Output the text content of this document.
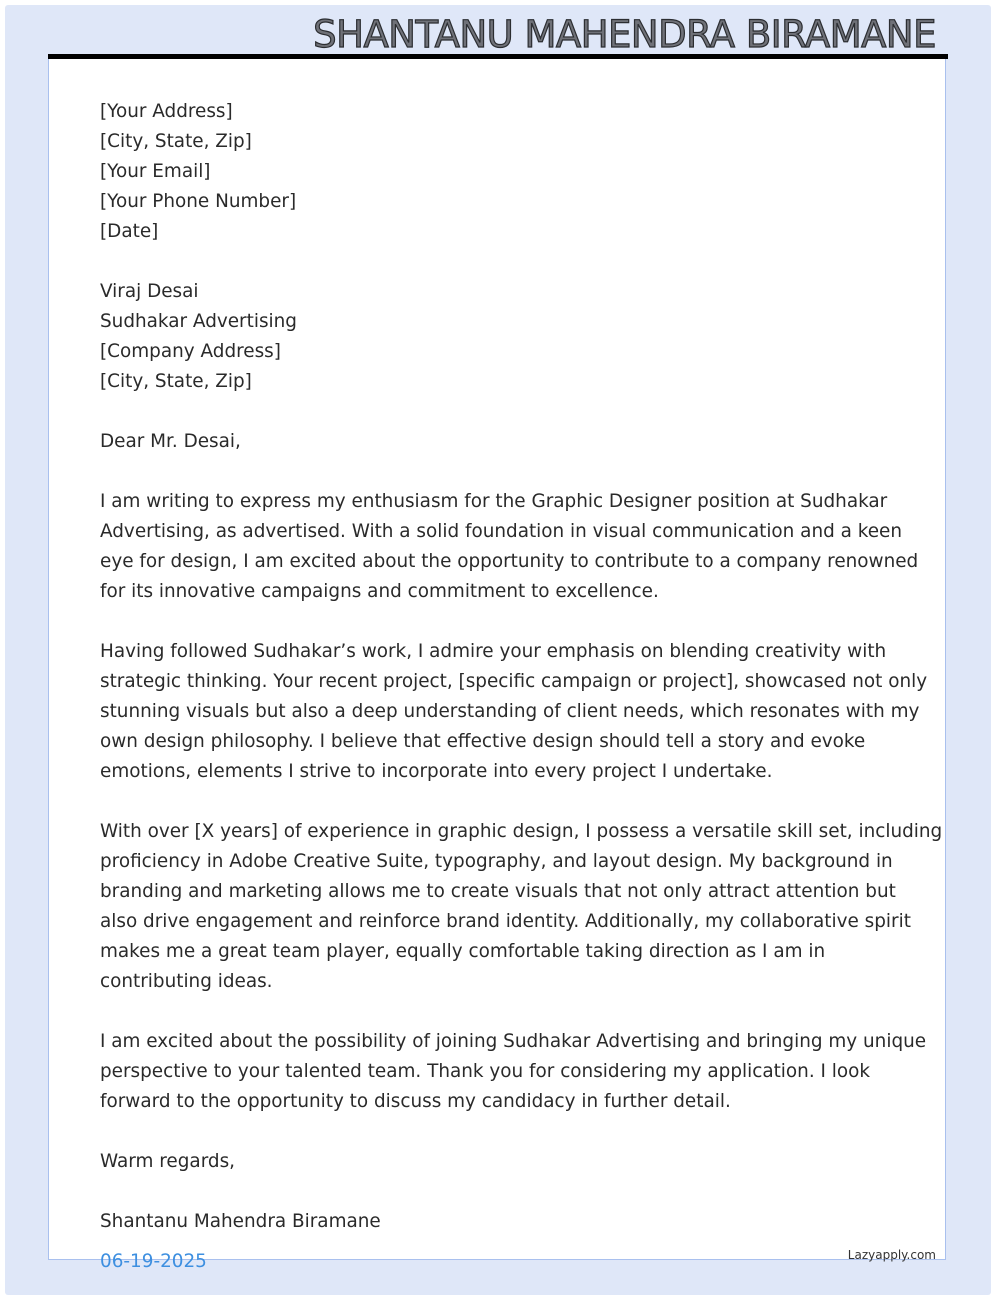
SHANTANU MAHENDRA BIRAMANE
[Your Address]
[City, State, Zip]
[Your Email]
[Your Phone Number]
[Date]
Viraj Desai
Sudhakar Advertising
[Company Address]
[City, State, Zip]
Dear Mr. Desai,

I am writing to express my enthusiasm for the Graphic Designer position at Sudhakar
Advertising, as advertised. With a solid foundation in visual communication and a keen
eye for design, I am excited about the opportunity to contribute to a company renowned
for its innovative campaigns and commitment to excellence.

Having followed Sudhakar’s work, I admire your emphasis on blending creativity with
strategic thinking. Your recent project, [specific campaign or project], showcased not only
stunning visuals but also a deep understanding of client needs, which resonates with my
own design philosophy. I believe that effective design should tell a story and evoke
emotions, elements I strive to incorporate into every project I undertake.

With over [X years] of experience in graphic design, I possess a versatile skill set, including
proficiency in Adobe Creative Suite, typography, and layout design. My background in
branding and marketing allows me to create visuals that not only attract attention but
also drive engagement and reinforce brand identity. Additionally, my collaborative spirit
makes me a great team player, equally comfortable taking direction as I am in
contributing ideas.

I am excited about the possibility of joining Sudhakar Advertising and bringing my unique
perspective to your talented team. Thank you for considering my application. I look
forward to the opportunity to discuss my candidacy in further detail.

Warm regards,
Shantanu Mahendra Biramane
06-19-2025	Lazyapply.com
